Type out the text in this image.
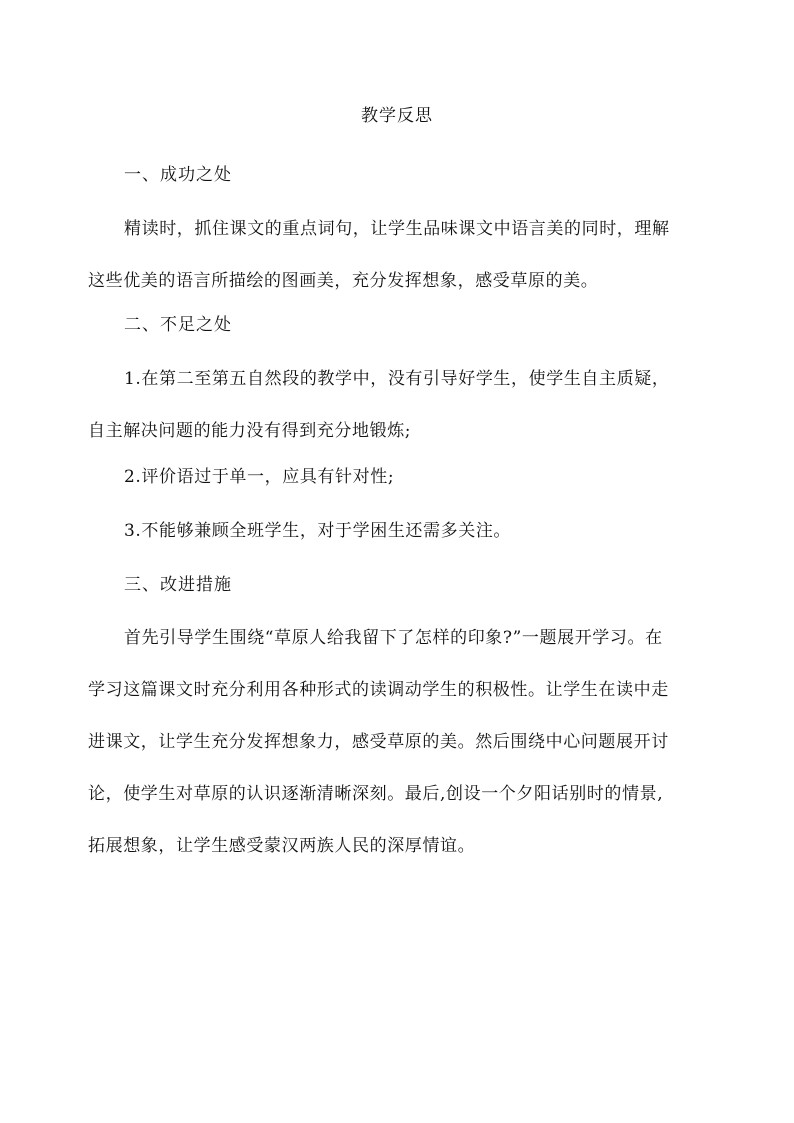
教学反思
一、成功之处
精读时，抓住课文的重点词句，让学生品味课文中语言美的同时，理解
这些优美的语言所描绘的图画美，充分发挥想象，感受草原的美。
二、不足之处
1.在第二至第五自然段的教学中，没有引导好学生，使学生自主质疑，
自主解决问题的能力没有得到充分地锻炼;
2.评价语过于单一，应具有针对性;
3.不能够兼顾全班学生，对于学困生还需多关注。
三、改进措施
首先引导学生围绕“草原人给我留下了怎样的印象?”一题展开学习。在
学习这篇课文时充分利用各种形式的读调动学生的积极性。让学生在读中走
进课文，让学生充分发挥想象力，感受草原的美。然后围绕中心问题展开讨
论，使学生对草原的认识逐渐清晰深刻。最后,创设一个夕阳话别时的情景,
拓展想象，让学生感受蒙汉两族人民的深厚情谊。
